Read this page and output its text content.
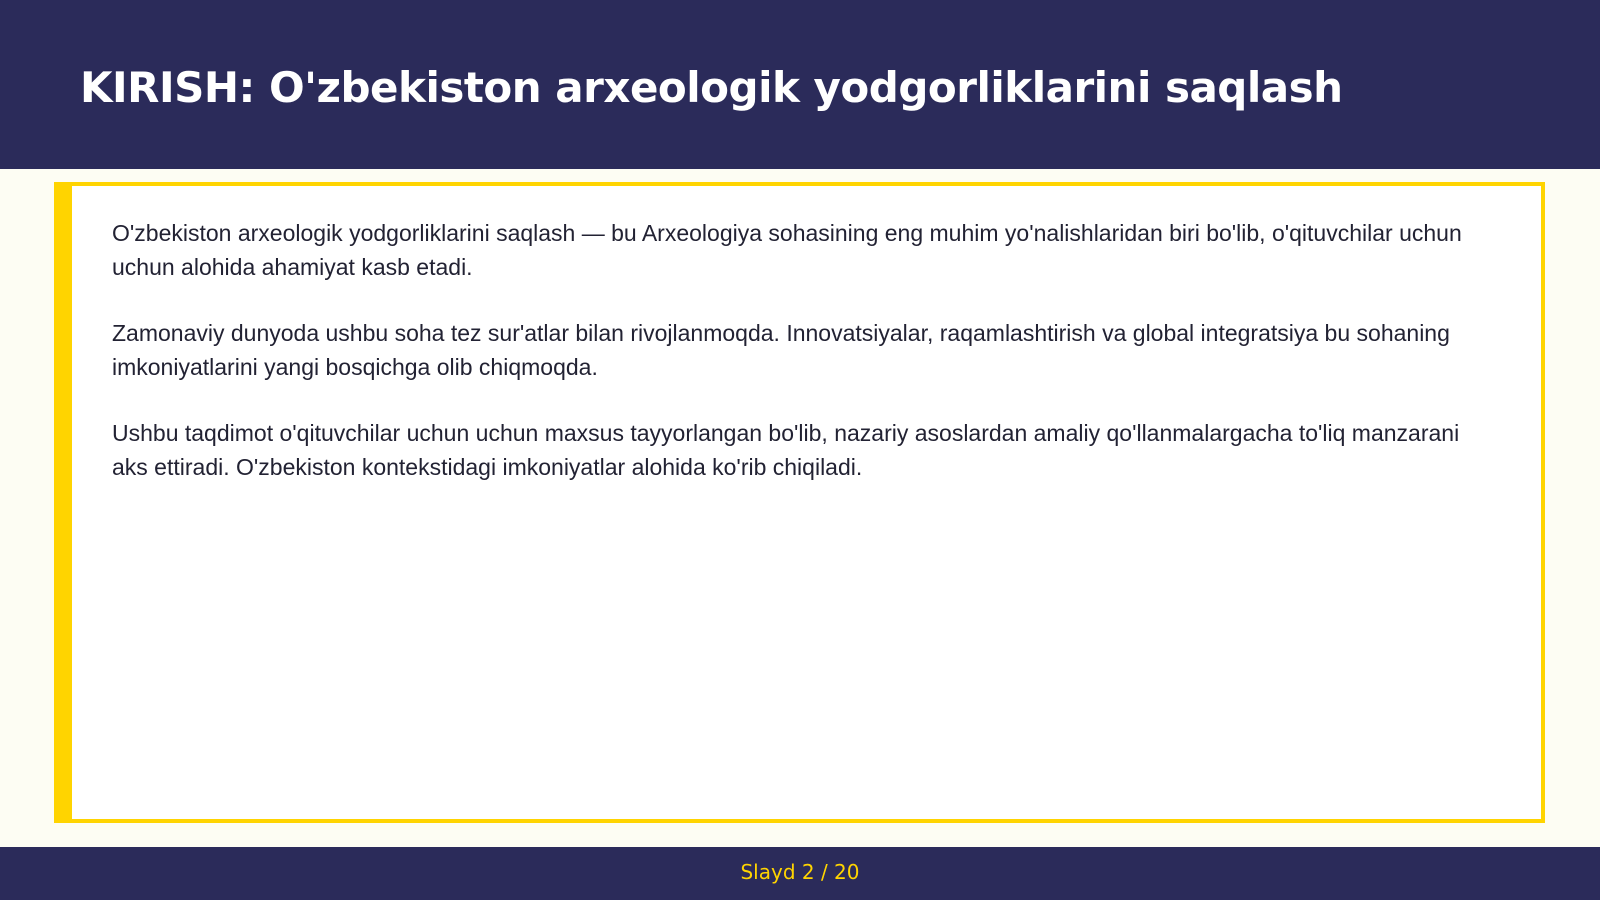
KIRISH: O'zbekiston arxeologik yodgorliklarini saqlash

O'zbekiston arxeologik yodgorliklarini saqlash — bu Arxeologiya sohasining eng muhim yo'nalishlaridan biri bo'lib, o'qituvchilar uchun uchun alohida ahamiyat kasb etadi.

Zamonaviy dunyoda ushbu soha tez sur'atlar bilan rivojlanmoqda. Innovatsiyalar, raqamlashtirish va global integratsiya bu sohaning imkoniyatlarini yangi bosqichga olib chiqmoqda.

Ushbu taqdimot o'qituvchilar uchun uchun maxsus tayyorlangan bo'lib, nazariy asoslardan amaliy qo'llanmalargacha to'liq manzarani aks ettiradi. O'zbekiston kontekstidagi imkoniyatlar alohida ko'rib chiqiladi.

Slayd 2 / 20
